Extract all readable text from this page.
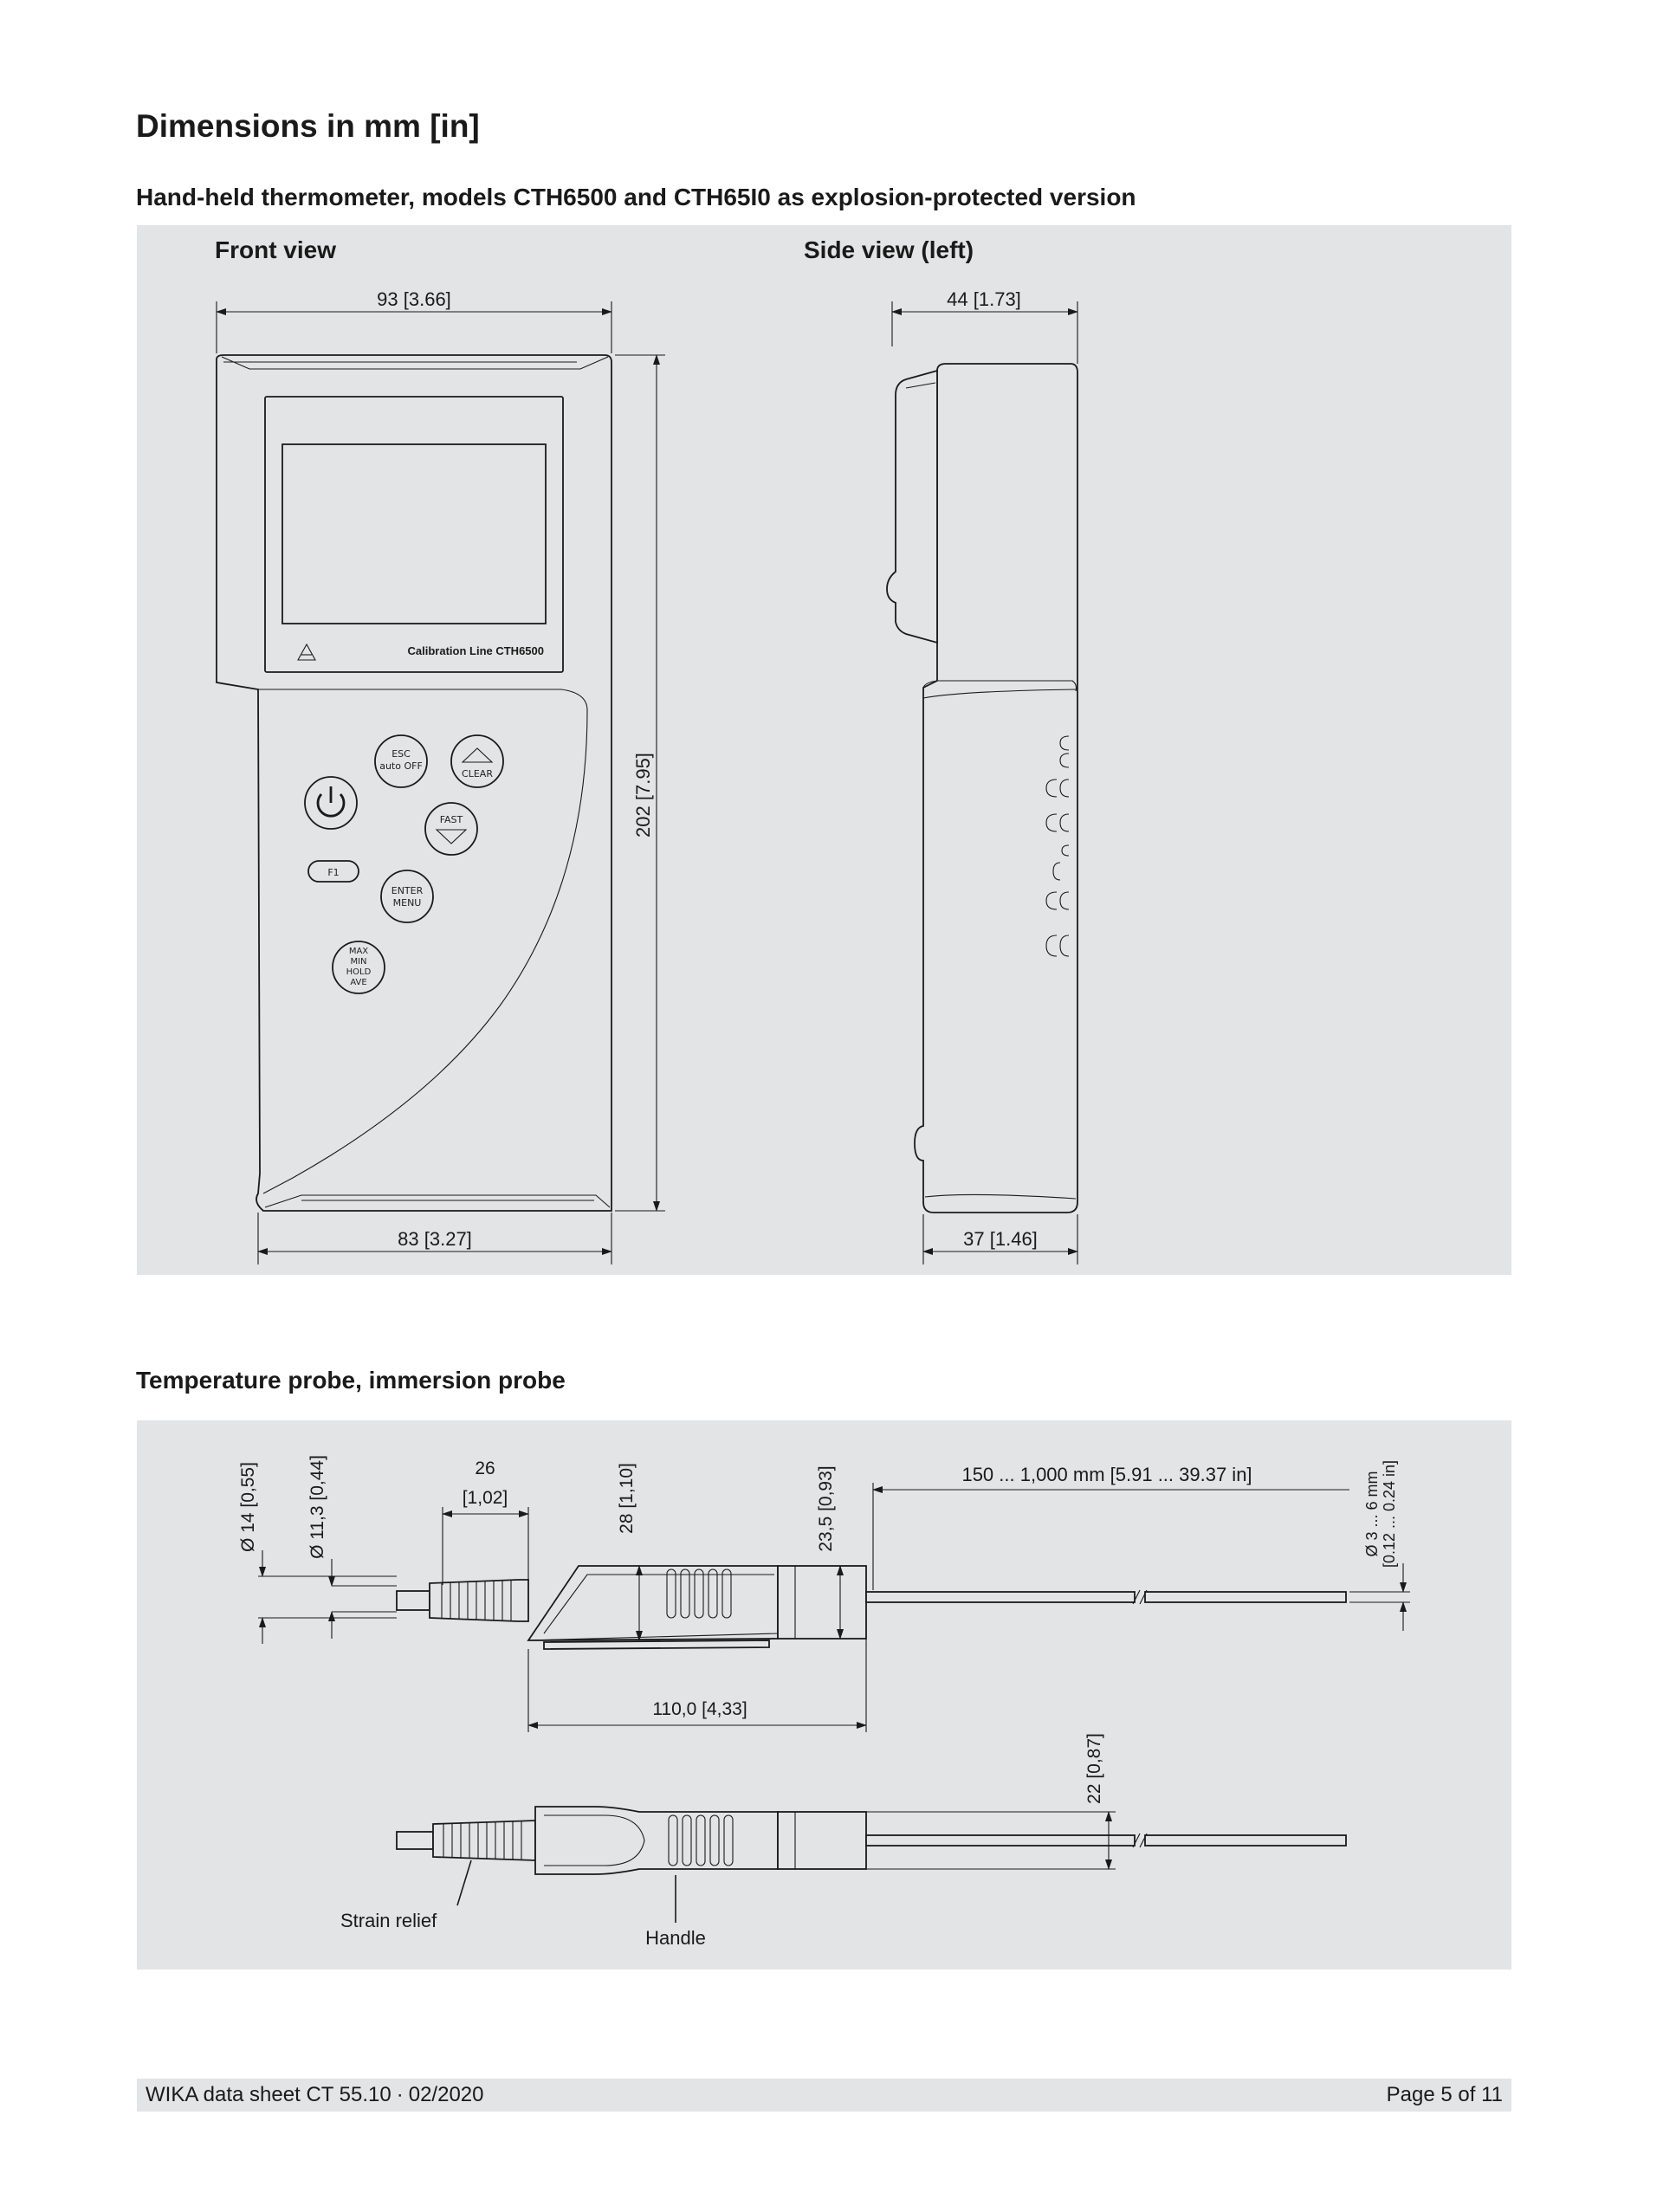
Dimensions in mm [in]
Hand-held thermometer, models CTH6500 and CTH65I0 as explosion-protected version
Front view	Side view (left)
93 [3.66]
Calibration Line CTH6500
ESC
auto OFF
CLEAR
FAST
F1
ENTER
MENU
MAX
MIN
HOLD
AVE
202 [7.95]
83 [3.27]
44 [1.73]
37 [1.46]
Temperature probe, immersion probe
Ø 14 [0,55]	Ø 11,3 [0,44]	26
[1,02]	28 [1,10]	23,5 [0,93]	150 ... 1,000 mm [5.91 ... 39.37 in]	Ø 3 ... 6 mm [0.12 ... 0.24 in]
110,0 [4,33]
22 [0,87]
Strain relief
Handle
WIKA data sheet CT 55.10 ∙ 02/2020	Page 5 of 11
